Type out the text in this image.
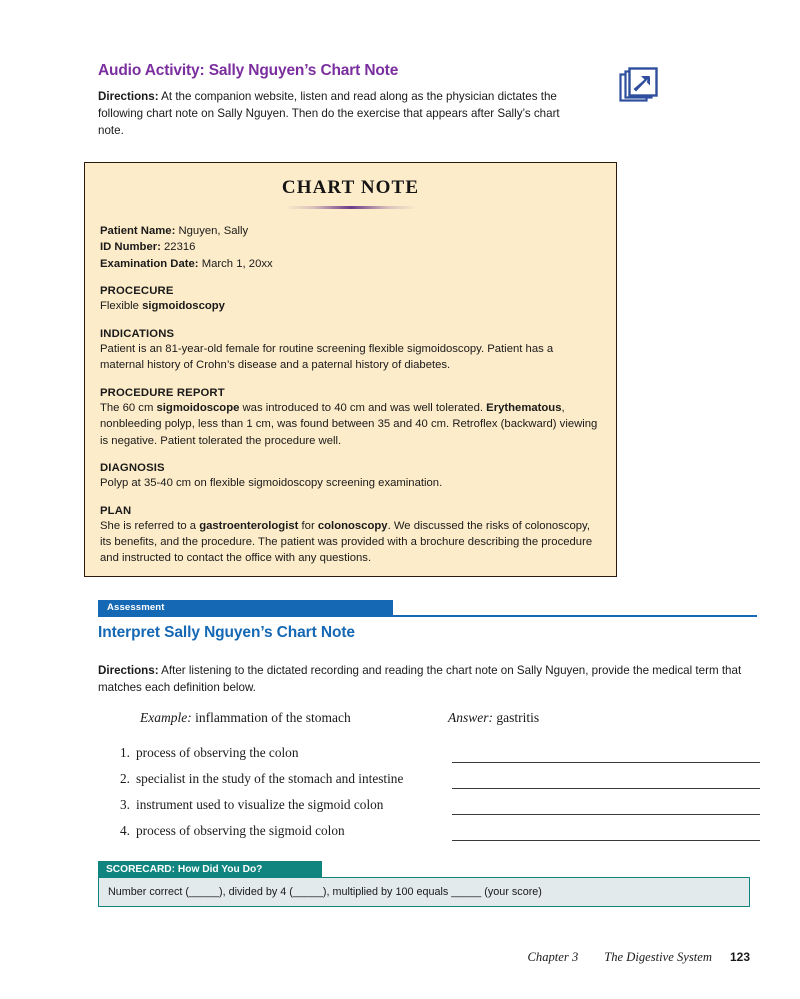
Audio Activity: Sally Nguyen’s Chart Note

Directions: At the companion website, listen and read along as the physician dictates the following chart note on Sally Nguyen. Then do the exercise that appears after Sally’s chart note.

CHART NOTE
Patient Name: Nguyen, Sally
ID Number: 22316
Examination Date: March 1, 20xx
PROCECURE

Flexible sigmoidoscopy

INDICATIONS

Patient is an 81-year-old female for routine screening flexible sigmoidoscopy. Patient has a maternal history of Crohn’s disease and a paternal history of diabetes.

PROCEDURE REPORT

The 60 cm sigmoidoscope was introduced to 40 cm and was well tolerated. Erythematous, nonbleeding polyp, less than 1 cm, was found between 35 and 40 cm. Retroflex (backward) viewing is negative. Patient tolerated the procedure well.

DIAGNOSIS

Polyp at 35-40 cm on flexible sigmoidoscopy screening examination.

PLAN

She is referred to a gastroenterologist for colonoscopy. We discussed the risks of colonoscopy, its benefits, and the procedure. The patient was provided with a brochure describing the procedure and instructed to contact the office with any questions.

Assessment
Interpret Sally Nguyen’s Chart Note
Directions: After listening to the dictated recording and reading the chart note on Sally Nguyen, provide the medical term that matches each definition below.
Example: inflammation of the stomach	Answer: gastritis
1. process of observing the colon
2. specialist in the study of the stomach and intestine
3. instrument used to visualize the sigmoid colon
4. process of observing the sigmoid colon
SCORECARD: How Did You Do?
Number correct (_____), divided by 4 (_____), multiplied by 100 equals _____ (your score)
Chapter 3 The Digestive System 123
